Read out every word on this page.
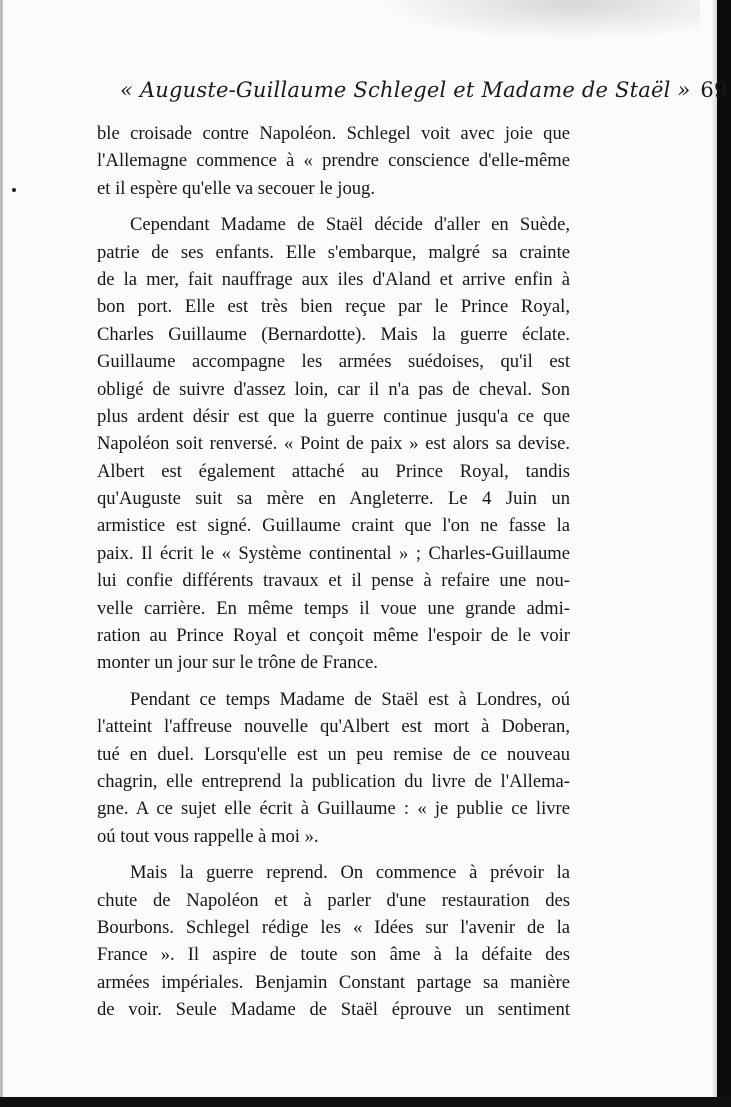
« Auguste-Guillaume Schlegel et Madame de Staël » 69
ble croisade contre Napoléon. Schlegel voit avec joie que
l'Allemagne commence à « prendre conscience d'elle-même
et il espère qu'elle va secouer le joug.
Cependant Madame de Staël décide d'aller en Suède,
patrie de ses enfants. Elle s'embarque, malgré sa crainte
de la mer, fait nauffrage aux iles d'Aland et arrive enfin à
bon port. Elle est très bien reçue par le Prince Royal,
Charles Guillaume (Bernardotte). Mais la guerre éclate.
Guillaume accompagne les armées suédoises, qu'il est
obligé de suivre d'assez loin, car il n'a pas de cheval. Son
plus ardent désir est que la guerre continue jusqu'a ce que
Napoléon soit renversé. « Point de paix » est alors sa devise.
Albert est également attaché au Prince Royal, tandis
qu'Auguste suit sa mère en Angleterre. Le 4 Juin un
armistice est signé. Guillaume craint que l'on ne fasse la
paix. Il écrit le « Système continental » ; Charles-Guillaume
lui confie différents travaux et il pense à refaire une nou-
velle carrière. En même temps il voue une grande admi-
ration au Prince Royal et conçoit même l'espoir de le voir
monter un jour sur le trône de France.
Pendant ce temps Madame de Staël est à Londres, oú
l'atteint l'affreuse nouvelle qu'Albert est mort à Doberan,
tué en duel. Lorsqu'elle est un peu remise de ce nouveau
chagrin, elle entreprend la publication du livre de l'Allema-
gne. A ce sujet elle écrit à Guillaume : « je publie ce livre
oú tout vous rappelle à moi ».
Mais la guerre reprend. On commence à prévoir la
chute de Napoléon et à parler d'une restauration des
Bourbons. Schlegel rédige les « Idées sur l'avenir de la
France ». Il aspire de toute son âme à la défaite des
armées impériales. Benjamin Constant partage sa manière
de voir. Seule Madame de Staël éprouve un sentiment
